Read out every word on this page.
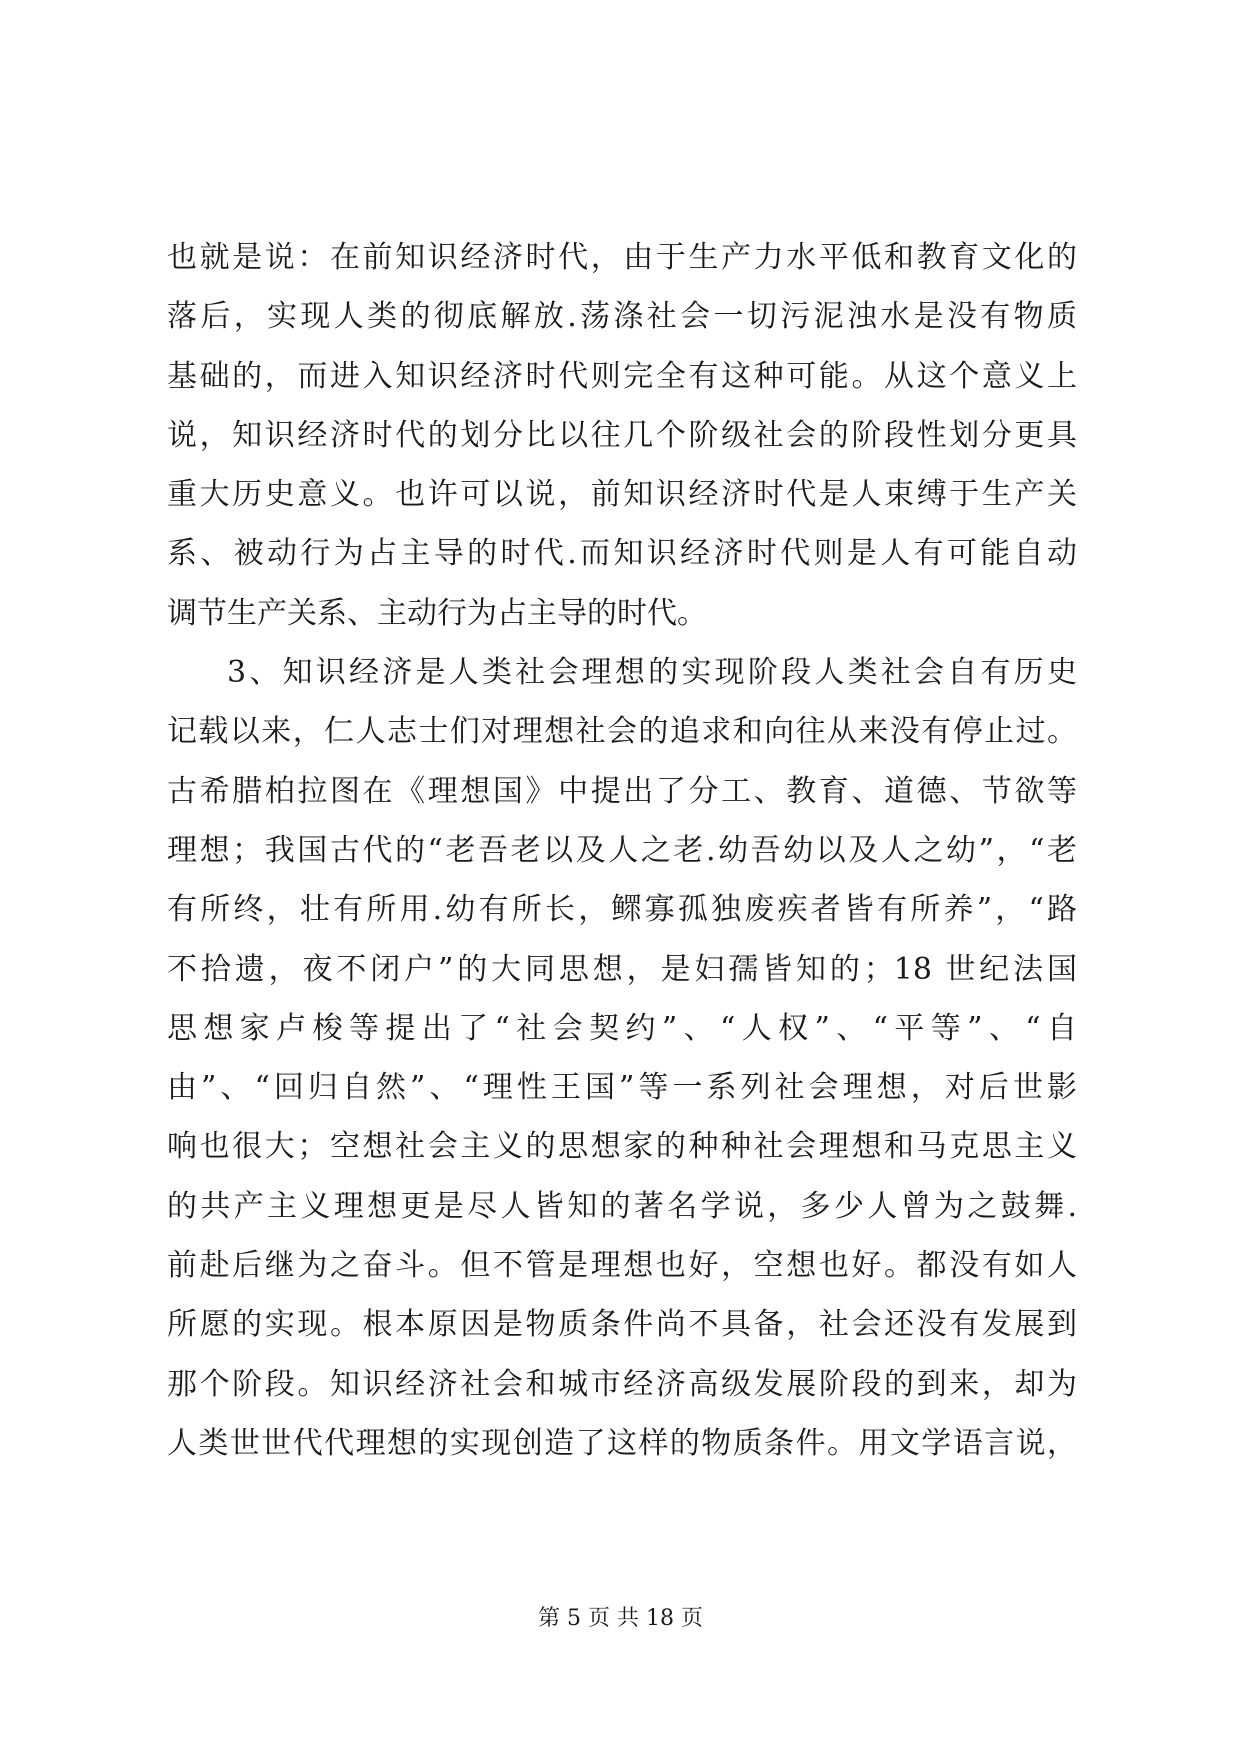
也就是说：在前知识经济时代，由于生产力水平低和教育文化的
落后，实现人类的彻底解放.荡涤社会一切污泥浊水是没有物质
基础的，而进入知识经济时代则完全有这种可能。从这个意义上
说，知识经济时代的划分比以往几个阶级社会的阶段性划分更具
重大历史意义。也许可以说，前知识经济时代是人束缚于生产关
系、被动行为占主导的时代.而知识经济时代则是人有可能自动
调节生产关系、主动行为占主导的时代。
3、知识经济是人类社会理想的实现阶段人类社会自有历史
记载以来，仁人志士们对理想社会的追求和向往从来没有停止过。
古希腊柏拉图在《理想国》中提出了分工、教育、道德、节欲等
理想；我国古代的“老吾老以及人之老.幼吾幼以及人之幼”，“老
有所终，壮有所用.幼有所长，鳏寡孤独废疾者皆有所养”，“路
不拾遗，夜不闭户”的大同思想，是妇孺皆知的；18 世纪法国
思想家卢梭等提出了“社会契约”、“人权”、“平等”、“自
由”、“回归自然”、“理性王国”等一系列社会理想，对后世影
响也很大；空想社会主义的思想家的种种社会理想和马克思主义
的共产主义理想更是尽人皆知的著名学说，多少人曾为之鼓舞.
前赴后继为之奋斗。但不管是理想也好，空想也好。都没有如人
所愿的实现。根本原因是物质条件尚不具备，社会还没有发展到
那个阶段。知识经济社会和城市经济高级发展阶段的到来，却为
人类世世代代理想的实现创造了这样的物质条件。用文学语言说，
第 5 页 共 18 页
